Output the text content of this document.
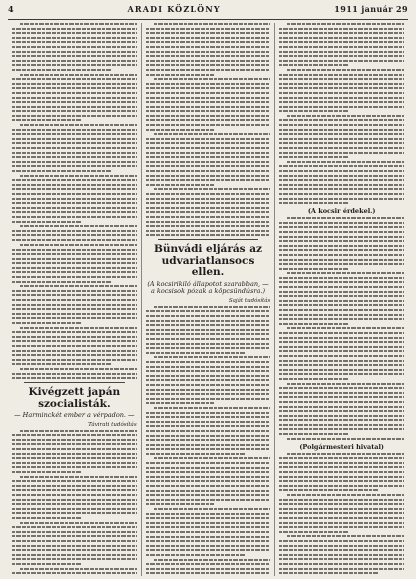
4	ARADI KÖZLÖNY	1911 január 29
Kivégzett japán szocialisták.
— Harminckét ember a vérpadon. —
Távirati tudósítás
Bünvádi eljárás az udvariatlansocs ellen.
(A kocsirikiló állapotot szarabban, — a kocsisok pózak a köpcsündúsra.)
Saját tudósítás
(A kocsir érdekel.)
(Polgármesteri hivatal)
